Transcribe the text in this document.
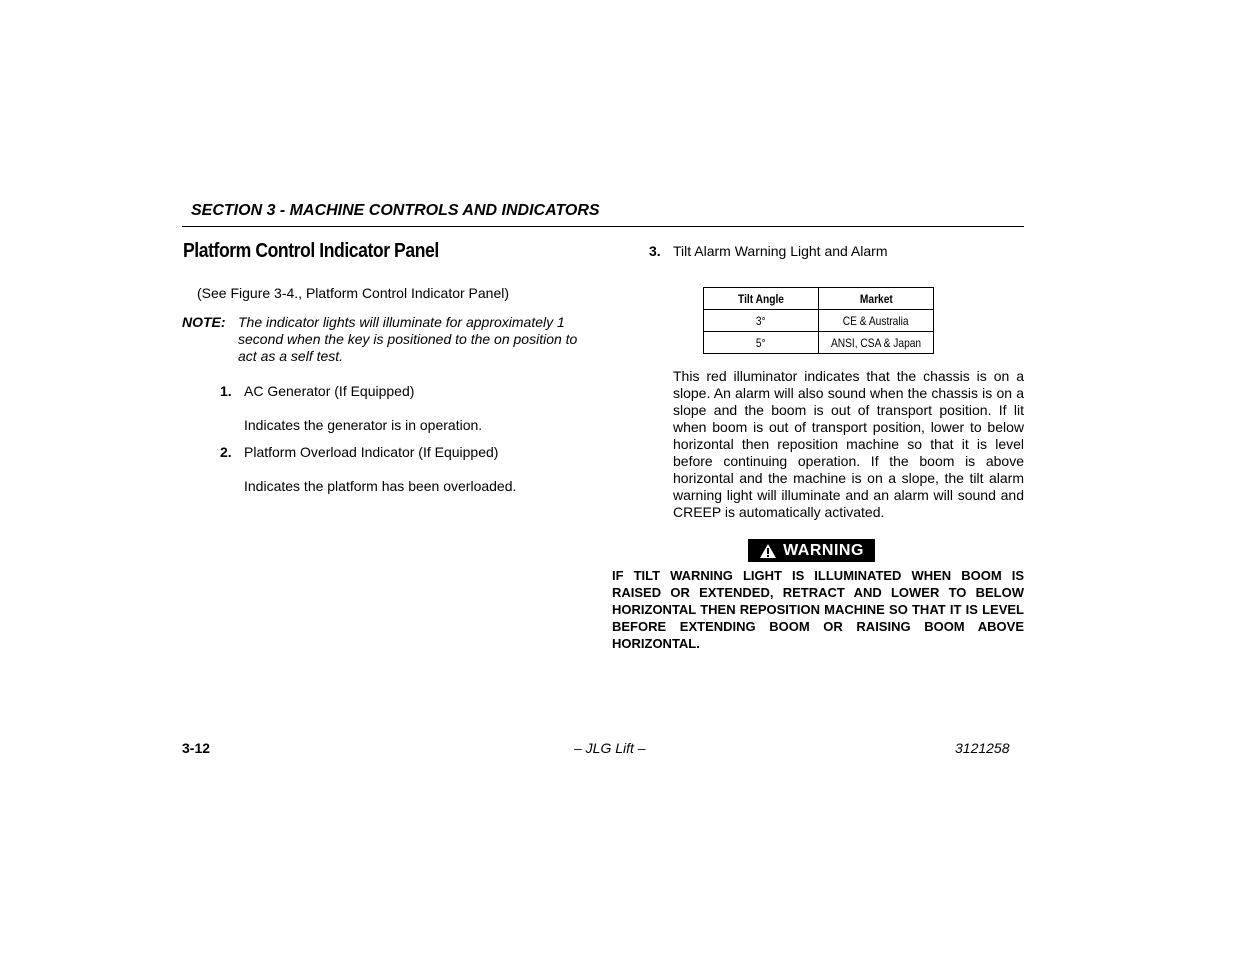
SECTION 3 - MACHINE CONTROLS AND INDICATORS
Platform Control Indicator Panel
(See Figure 3-4., Platform Control Indicator Panel)
NOTE: The indicator lights will illuminate for approximately 1 second when the key is positioned to the on position to act as a self test.
1. AC Generator (If Equipped)
Indicates the generator is in operation.
2. Platform Overload Indicator (If Equipped)
Indicates the platform has been overloaded.
3. Tilt Alarm Warning Light and Alarm
Tilt Angle	Market
3°	CE & Australia
5°	ANSI, CSA & Japan
This red illuminator indicates that the chassis is on a slope. An alarm will also sound when the chassis is on a slope and the boom is out of transport position. If lit when boom is out of transport position, lower to below horizontal then reposition machine so that it is level before continuing operation. If the boom is above horizontal and the machine is on a slope, the tilt alarm warning light will illuminate and an alarm will sound and CREEP is automatically activated.
WARNING
IF TILT WARNING LIGHT IS ILLUMINATED WHEN BOOM IS RAISED OR EXTENDED, RETRACT AND LOWER TO BELOW HORIZONTAL THEN REPOSITION MACHINE SO THAT IT IS LEVEL BEFORE EXTENDING BOOM OR RAISING BOOM ABOVE HORIZONTAL.
3-12	– JLG Lift –	3121258
